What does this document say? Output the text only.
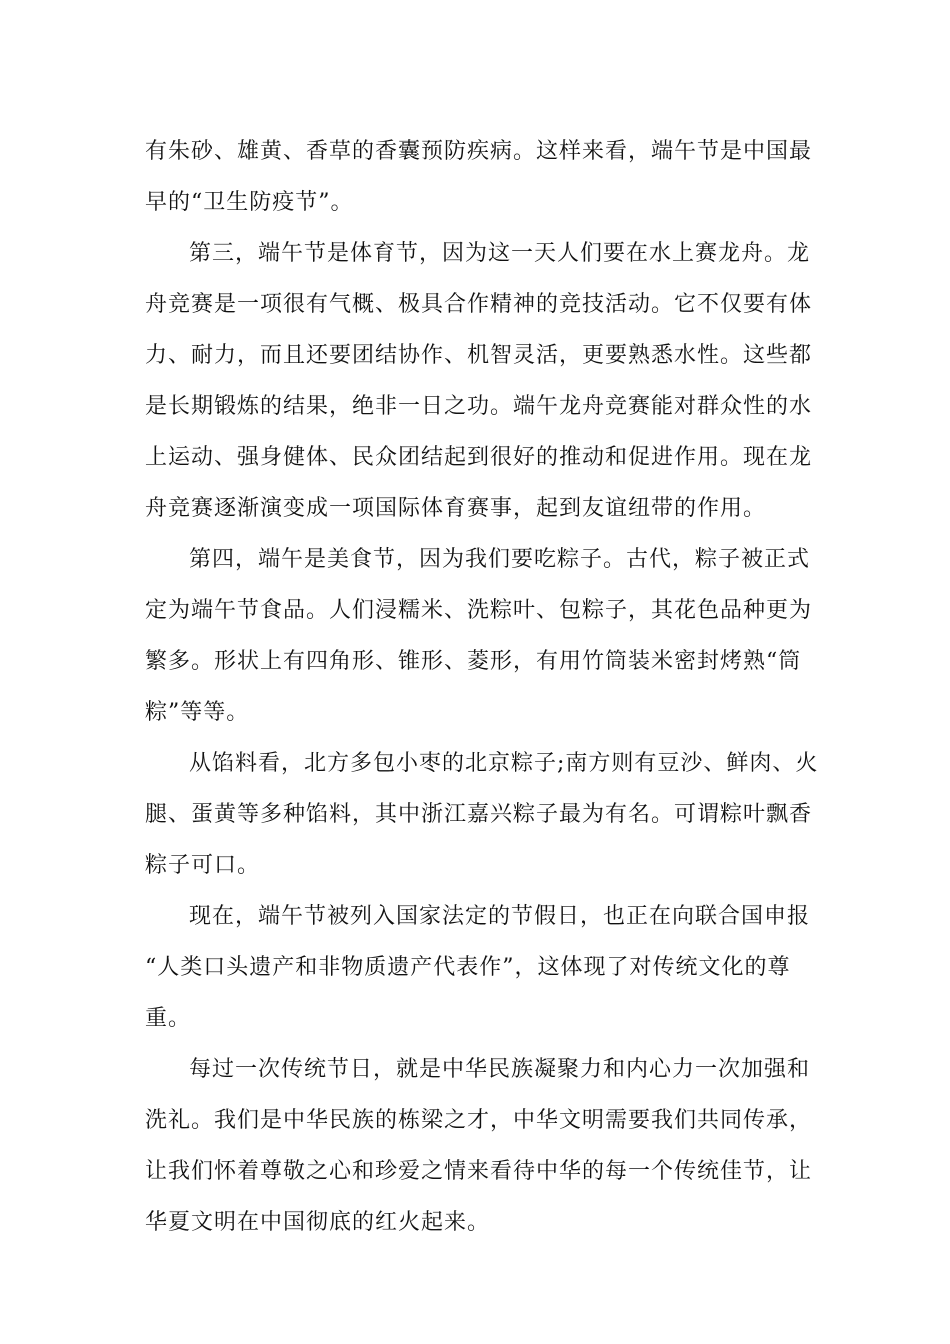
有朱砂、雄黄、香草的香囊预防疾病。这样来看，端午节是中国最
早的“卫生防疫节”。
第三，端午节是体育节，因为这一天人们要在水上赛龙舟。龙
舟竞赛是一项很有气概、极具合作精神的竞技活动。它不仅要有体
力、耐力，而且还要团结协作、机智灵活，更要熟悉水性。这些都
是长期锻炼的结果，绝非一日之功。端午龙舟竞赛能对群众性的水
上运动、强身健体、民众团结起到很好的推动和促进作用。现在龙
舟竞赛逐渐演变成一项国际体育赛事，起到友谊纽带的作用。
第四，端午是美食节，因为我们要吃粽子。古代，粽子被正式
定为端午节食品。人们浸糯米、洗粽叶、包粽子，其花色品种更为
繁多。形状上有四角形、锥形、菱形，有用竹筒装米密封烤熟“筒
粽”等等。
从馅料看，北方多包小枣的北京粽子;南方则有豆沙、鲜肉、火
腿、蛋黄等多种馅料，其中浙江嘉兴粽子最为有名。可谓粽叶飘香
粽子可口。
现在，端午节被列入国家法定的节假日，也正在向联合国申报
“人类口头遗产和非物质遗产代表作”，这体现了对传统文化的尊
重。
每过一次传统节日，就是中华民族凝聚力和内心力一次加强和
洗礼。我们是中华民族的栋梁之才，中华文明需要我们共同传承，
让我们怀着尊敬之心和珍爱之情来看待中华的每一个传统佳节，让
华夏文明在中国彻底的红火起来。
